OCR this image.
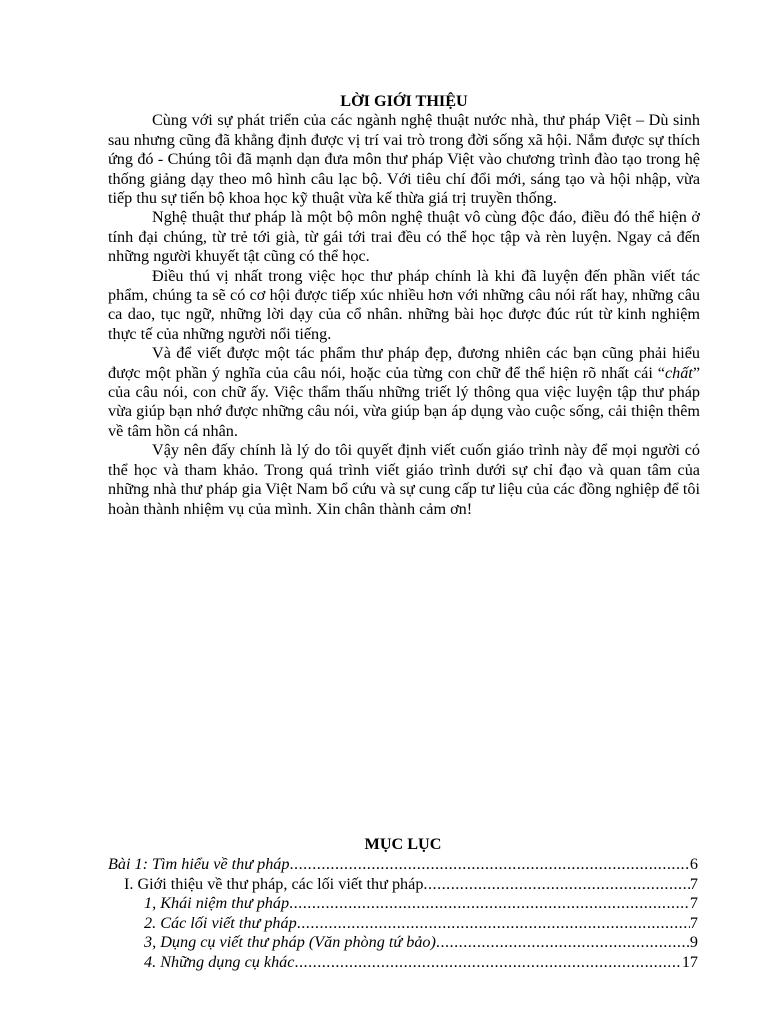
LỜI GIỚI THIỆU

Cùng với sự phát triển của các ngành nghệ thuật nước nhà, thư pháp Việt – Dù sinh sau nhưng cũng đã khẳng định được vị trí vai trò trong đời sống xã hội. Nắm được sự thích ứng đó - Chúng tôi đã mạnh dạn đưa môn thư pháp Việt vào chương trình đào tạo trong hệ thống giảng dạy theo mô hình câu lạc bộ. Với tiêu chí đổi mới, sáng tạo và hội nhập, vừa tiếp thu sự tiến bộ khoa học kỹ thuật vừa kế thừa giá trị truyền thống.

Nghệ thuật thư pháp là một bộ môn nghệ thuật vô cùng độc đáo, điều đó thể hiện ở tính đại chúng, từ trẻ tới già, từ gái tới trai đều có thể học tập và rèn luyện. Ngay cả đến những người khuyết tật cũng có thể học.

Điều thú vị nhất trong việc học thư pháp chính là khi đã luyện đến phần viết tác phẩm, chúng ta sẽ có cơ hội được tiếp xúc nhiều hơn với những câu nói rất hay, những câu ca dao, tục ngữ, những lời dạy của cổ nhân. những bài học được đúc rút từ kinh nghiệm thực tế của những người nổi tiếng.

Và để viết được một tác phẩm thư pháp đẹp, đương nhiên các bạn cũng phải hiểu được một phần ý nghĩa của câu nói, hoặc của từng con chữ để thể hiện rõ nhất cái “chất” của câu nói, con chữ ấy. Việc thẩm thấu những triết lý thông qua việc luyện tập thư pháp vừa giúp bạn nhớ được những câu nói, vừa giúp bạn áp dụng vào cuộc sống, cải thiện thêm về tâm hồn cá nhân.

Vậy nên đấy chính là lý do tôi quyết định viết cuốn giáo trình này để mọi người có thể học và tham khảo. Trong quá trình viết giáo trình dưới sự chỉ đạo và quan tâm của những nhà thư pháp gia Việt Nam bổ cứu và sự cung cấp tư liệu của các đồng nghiệp để tôi hoàn thành nhiệm vụ của mình. Xin chân thành cảm ơn!

MỤC LỤC
Bài 1: Tìm hiểu về thư pháp .....	6
I. Giới thiệu về thư pháp, các lối viết thư pháp .....	7
1, Khái niệm thư pháp .....	7
2. Các lối viết thư pháp .....	7
3, Dụng cụ viết thư pháp (Văn phòng tứ bảo) .....	9
4. Những dụng cụ khác .....	17
